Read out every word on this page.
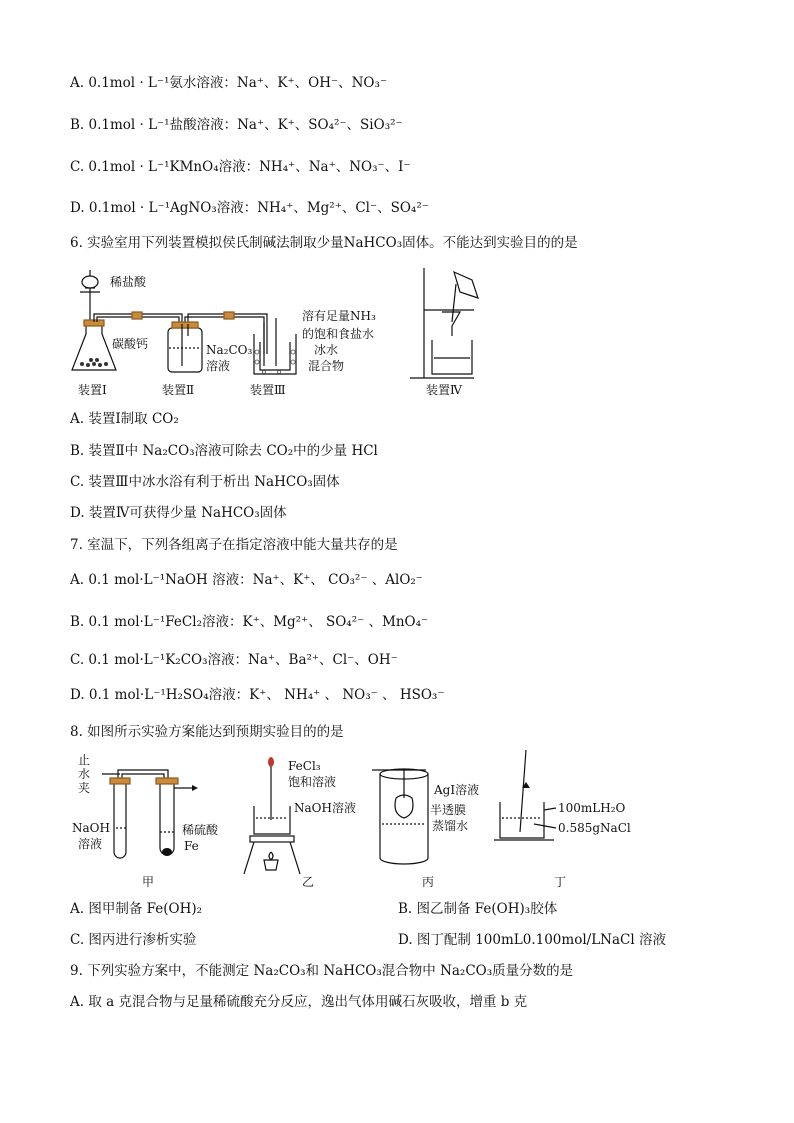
A. 0.1mol · L⁻¹氨水溶液：Na⁺、K⁺、OH⁻、NO₃⁻
B. 0.1mol · L⁻¹盐酸溶液：Na⁺、K⁺、SO₄²⁻、SiO₃²⁻
C. 0.1mol · L⁻¹KMnO₄溶液：NH₄⁺、Na⁺、NO₃⁻、I⁻
D. 0.1mol · L⁻¹AgNO₃溶液：NH₄⁺、Mg²⁺、Cl⁻、SO₄²⁻
6. 实验室用下列装置模拟侯氏制碱法制取少量NaHCO₃固体。不能达到实验目的的是
稀盐酸
碳酸钙	Na₂CO₃
溶液
溶有足量NH₃
的饱和食盐水
冰水
混合物
装置Ⅰ	装置Ⅱ	装置Ⅲ	装置Ⅳ
A. 装置Ⅰ制取 CO₂
B. 装置Ⅱ中 Na₂CO₃溶液可除去 CO₂中的少量 HCl
C. 装置Ⅲ中冰水浴有利于析出 NaHCO₃固体
D. 装置Ⅳ可获得少量 NaHCO₃固体
7. 室温下，下列各组离子在指定溶液中能大量共存的是
A. 0.1 mol·L⁻¹NaOH 溶液：Na⁺、K⁺、 CO₃²⁻ 、AlO₂⁻
B. 0.1 mol·L⁻¹FeCl₂溶液：K⁺、Mg²⁺、 SO₄²⁻ 、MnO₄⁻
C. 0.1 mol·L⁻¹K₂CO₃溶液：Na⁺、Ba²⁺、Cl⁻、OH⁻
D. 0.1 mol·L⁻¹H₂SO₄溶液：K⁺、 NH₄⁺ 、 NO₃⁻ 、 HSO₃⁻
8. 如图所示实验方案能达到预期实验目的的是
止
水
夹
NaOH
溶液
稀硫酸
Fe
甲
FeCl₃
饱和溶液
NaOH溶液
乙
AgI溶液
半透膜
蒸馏水
丙
100mLH₂O
0.585gNaCl
丁
A. 图甲制备 Fe(OH)₂	B. 图乙制备 Fe(OH)₃胶体
C. 图丙进行渗析实验	D. 图丁配制 100mL0.100mol/LNaCl 溶液
9. 下列实验方案中，不能测定 Na₂CO₃和 NaHCO₃混合物中 Na₂CO₃质量分数的是
A. 取 a 克混合物与足量稀硫酸充分反应，逸出气体用碱石灰吸收，增重 b 克
